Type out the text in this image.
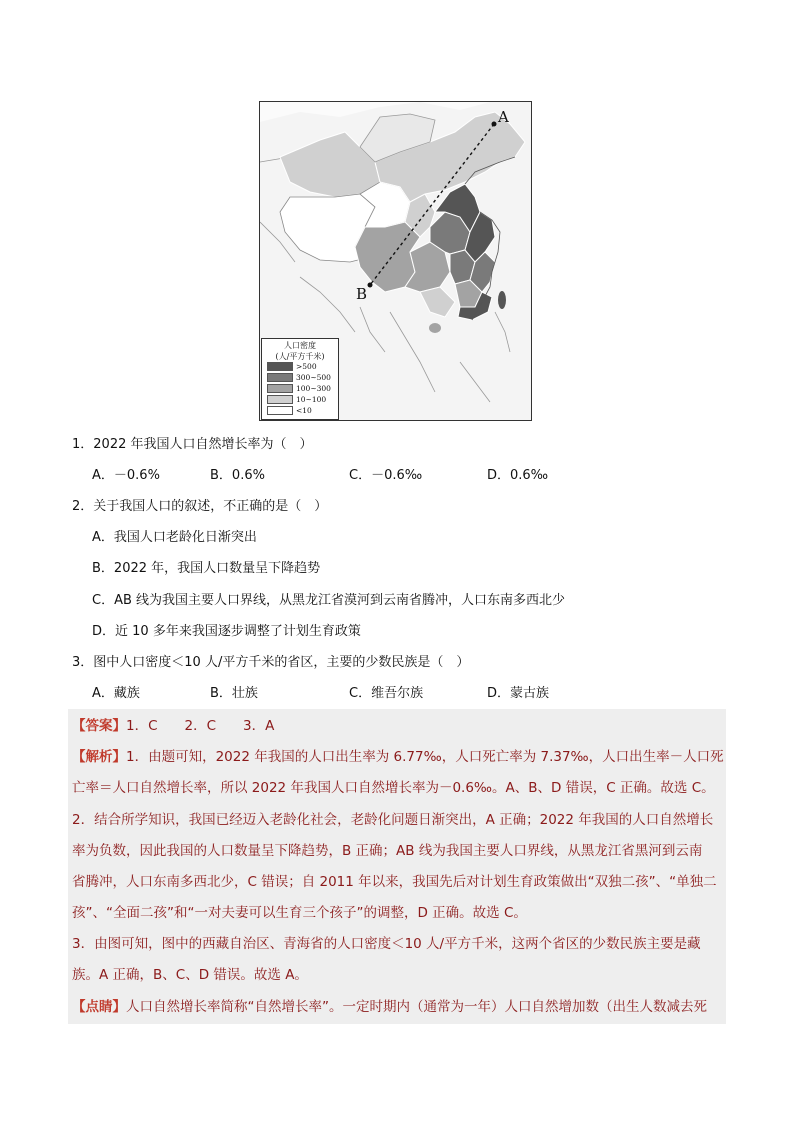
A
B
人口密度
(人/平方千米)
>500
300~500
100~300
10~100
<10
1．2022 年我国人口自然增长率为（　）
A．－0.6%	B．0.6%	C．－0.6‰	D．0.6‰
2．关于我国人口的叙述，不正确的是（　）
A．我国人口老龄化日渐突出
B．2022 年，我国人口数量呈下降趋势
C．AB 线为我国主要人口界线，从黑龙江省漠河到云南省腾冲，人口东南多西北少
D．近 10 多年来我国逐步调整了计划生育政策
3．图中人口密度＜10 人/平方千米的省区，主要的少数民族是（　）
A．藏族	B．壮族	C．维吾尔族	D．蒙古族
【答案】1．C　　2．C　　3．A
【解析】1．由题可知，2022 年我国的人口出生率为 6.77‰，人口死亡率为 7.37‰，人口出生率－人口死
亡率＝人口自然增长率，所以 2022 年我国人口自然增长率为－0.6‰。A、B、D 错误，C 正确。故选 C。
2．结合所学知识，我国已经迈入老龄化社会，老龄化问题日渐突出，A 正确；2022 年我国的人口自然增长
率为负数，因此我国的人口数量呈下降趋势，B 正确；AB 线为我国主要人口界线，从黑龙江省黑河到云南
省腾冲，人口东南多西北少，C 错误；自 2011 年以来，我国先后对计划生育政策做出“双独二孩”、“单独二
孩”、“全面二孩”和“一对夫妻可以生育三个孩子”的调整，D 正确。故选 C。
3．由图可知，图中的西藏自治区、青海省的人口密度＜10 人/平方千米，这两个省区的少数民族主要是藏
族。A 正确，B、C、D 错误。故选 A。
【点睛】人口自然增长率简称“自然增长率”。一定时期内（通常为一年）人口自然增加数（出生人数减去死
